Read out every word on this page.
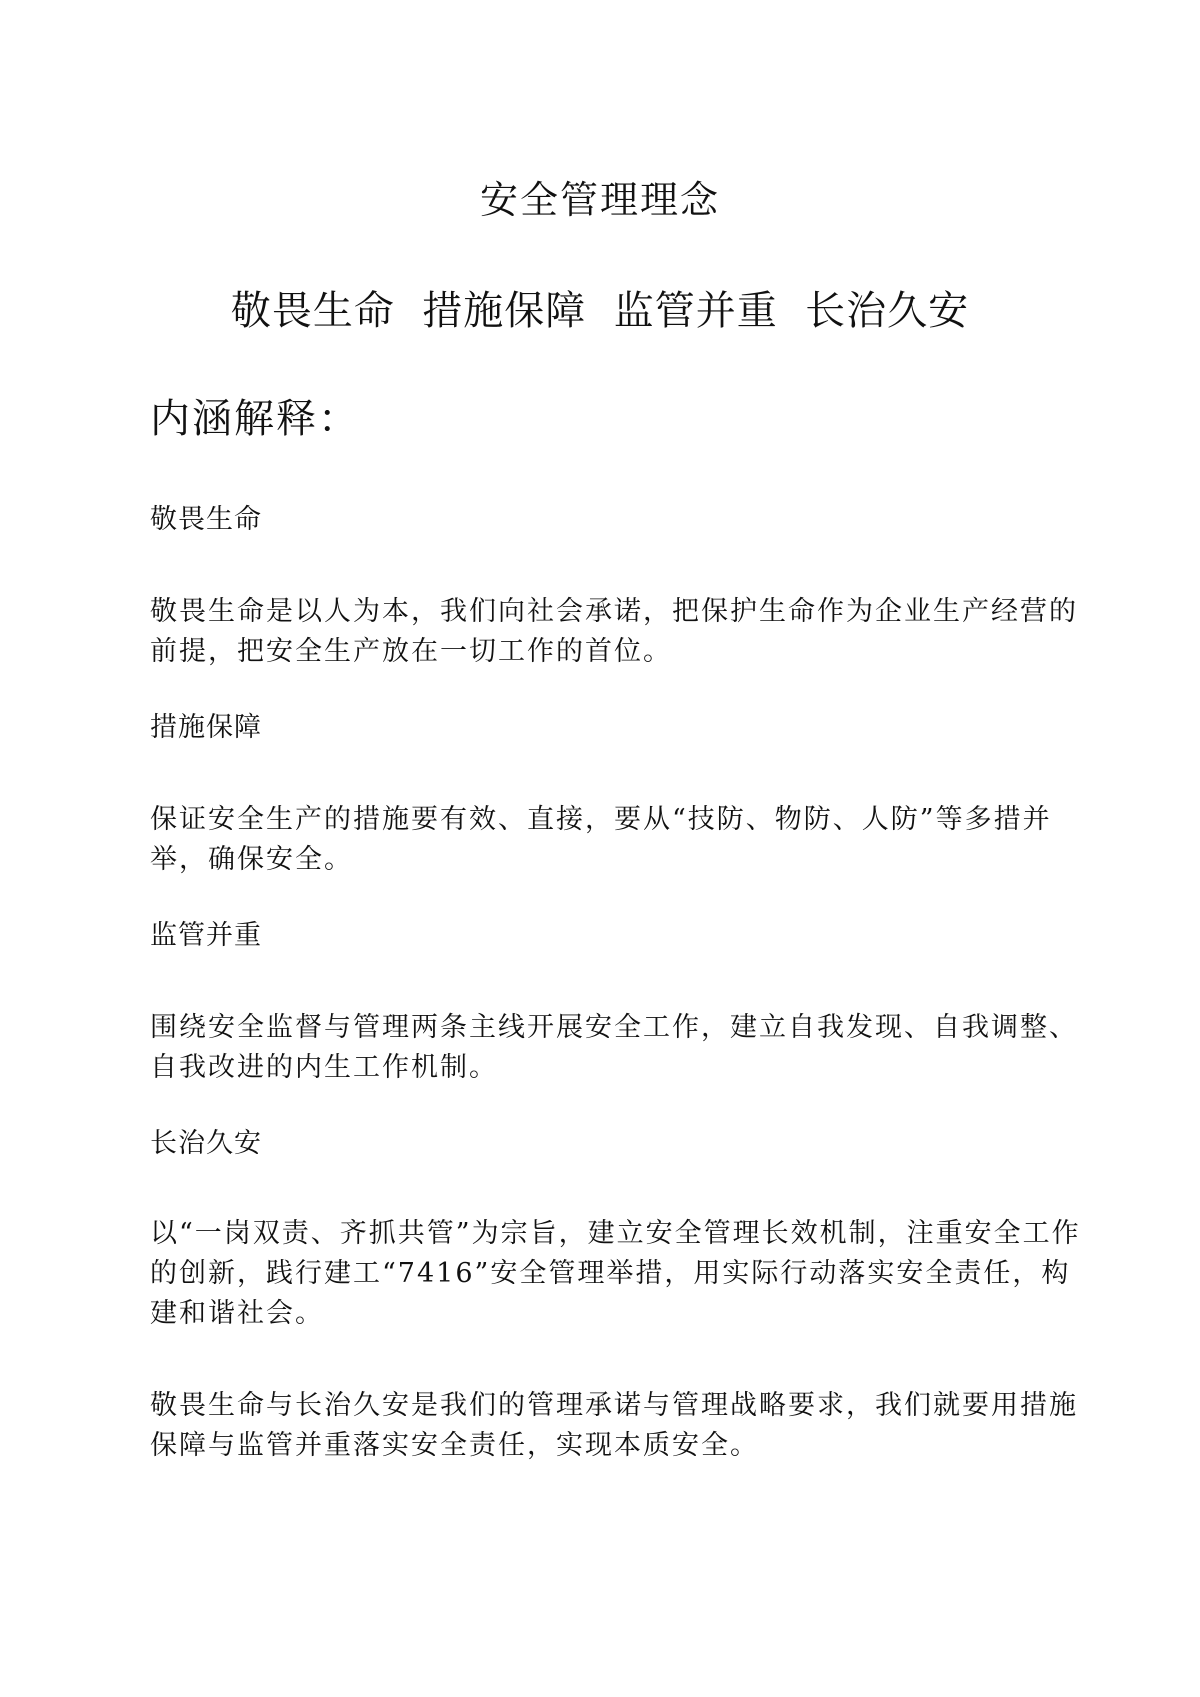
安全管理理念
敬畏生命  措施保障  监管并重  长治久安
内涵解释：
敬畏生命
敬畏生命是以人为本，我们向社会承诺，把保护生命作为企业生产经营的前提，把安全生产放在一切工作的首位。
措施保障
保证安全生产的措施要有效、直接，要从“技防、物防、人防”等多措并举，确保安全。
监管并重
围绕安全监督与管理两条主线开展安全工作，建立自我发现、自我调整、自我改进的内生工作机制。
长治久安
以“一岗双责、齐抓共管”为宗旨，建立安全管理长效机制，注重安全工作的创新，践行建工“7416”安全管理举措，用实际行动落实安全责任，构建和谐社会。
敬畏生命与长治久安是我们的管理承诺与管理战略要求，我们就要用措施保障与监管并重落实安全责任，实现本质安全。
